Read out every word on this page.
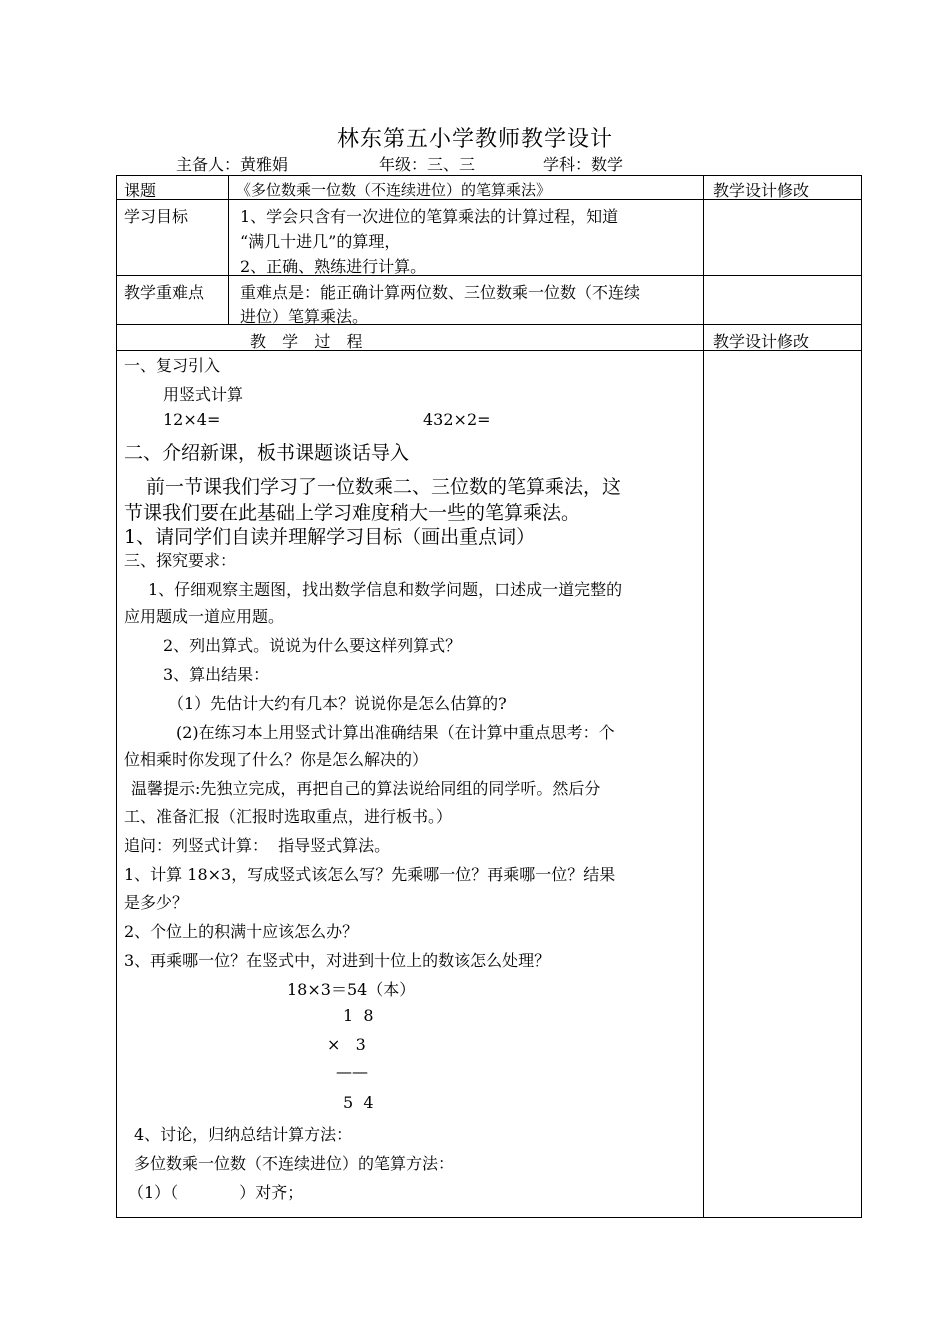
林东第五小学教师教学设计
主备人：黄雅娟	年级：三、三	学科：数学
课题	《多位数乘一位数（不连续进位）的笔算乘法》	教学设计修改
学习目标	1、学会只含有一次进位的笔算乘法的计算过程，知道
“满几十进几”的算理，
2、正确、熟练进行计算。
教学重难点 重难点是：能正确计算两位数、三位数乘一位数（不连续
进位）笔算乘法。
教  学  过  程	教学设计修改
一、复习引入
用竖式计算
12×4=	432×2=
二、介绍新课，板书课题谈话导入
前一节课我们学习了一位数乘二、三位数的笔算乘法，这
节课我们要在此基础上学习难度稍大一些的笔算乘法。
1、请同学们自读并理解学习目标（画出重点词）
三、探究要求：
1、仔细观察主题图，找出数学信息和数学问题，口述成一道完整的
应用题成一道应用题。
2、列出算式。说说为什么要这样列算式？
3、算出结果：
（1）先估计大约有几本？说说你是怎么估算的?
(2)在练习本上用竖式计算出准确结果（在计算中重点思考：个
位相乘时你发现了什么？你是怎么解决的）
温馨提示:先独立完成，再把自己的算法说给同组的同学听。然后分
工、准备汇报（汇报时选取重点，进行板书。）
追问：列竖式计算：  指导竖式算法。
1、计算 18×3，写成竖式该怎么写？先乘哪一位？再乘哪一位？结果
是多少？
2、个位上的积满十应该怎么办？
3、再乘哪一位？在竖式中，对进到十位上的数该怎么处理？
18×3＝54（本）
1  8
×   3
——
5  4
4、讨论，归纳总结计算方法：
多位数乘一位数（不连续进位）的笔算方法：
（1）（            ）对齐；
